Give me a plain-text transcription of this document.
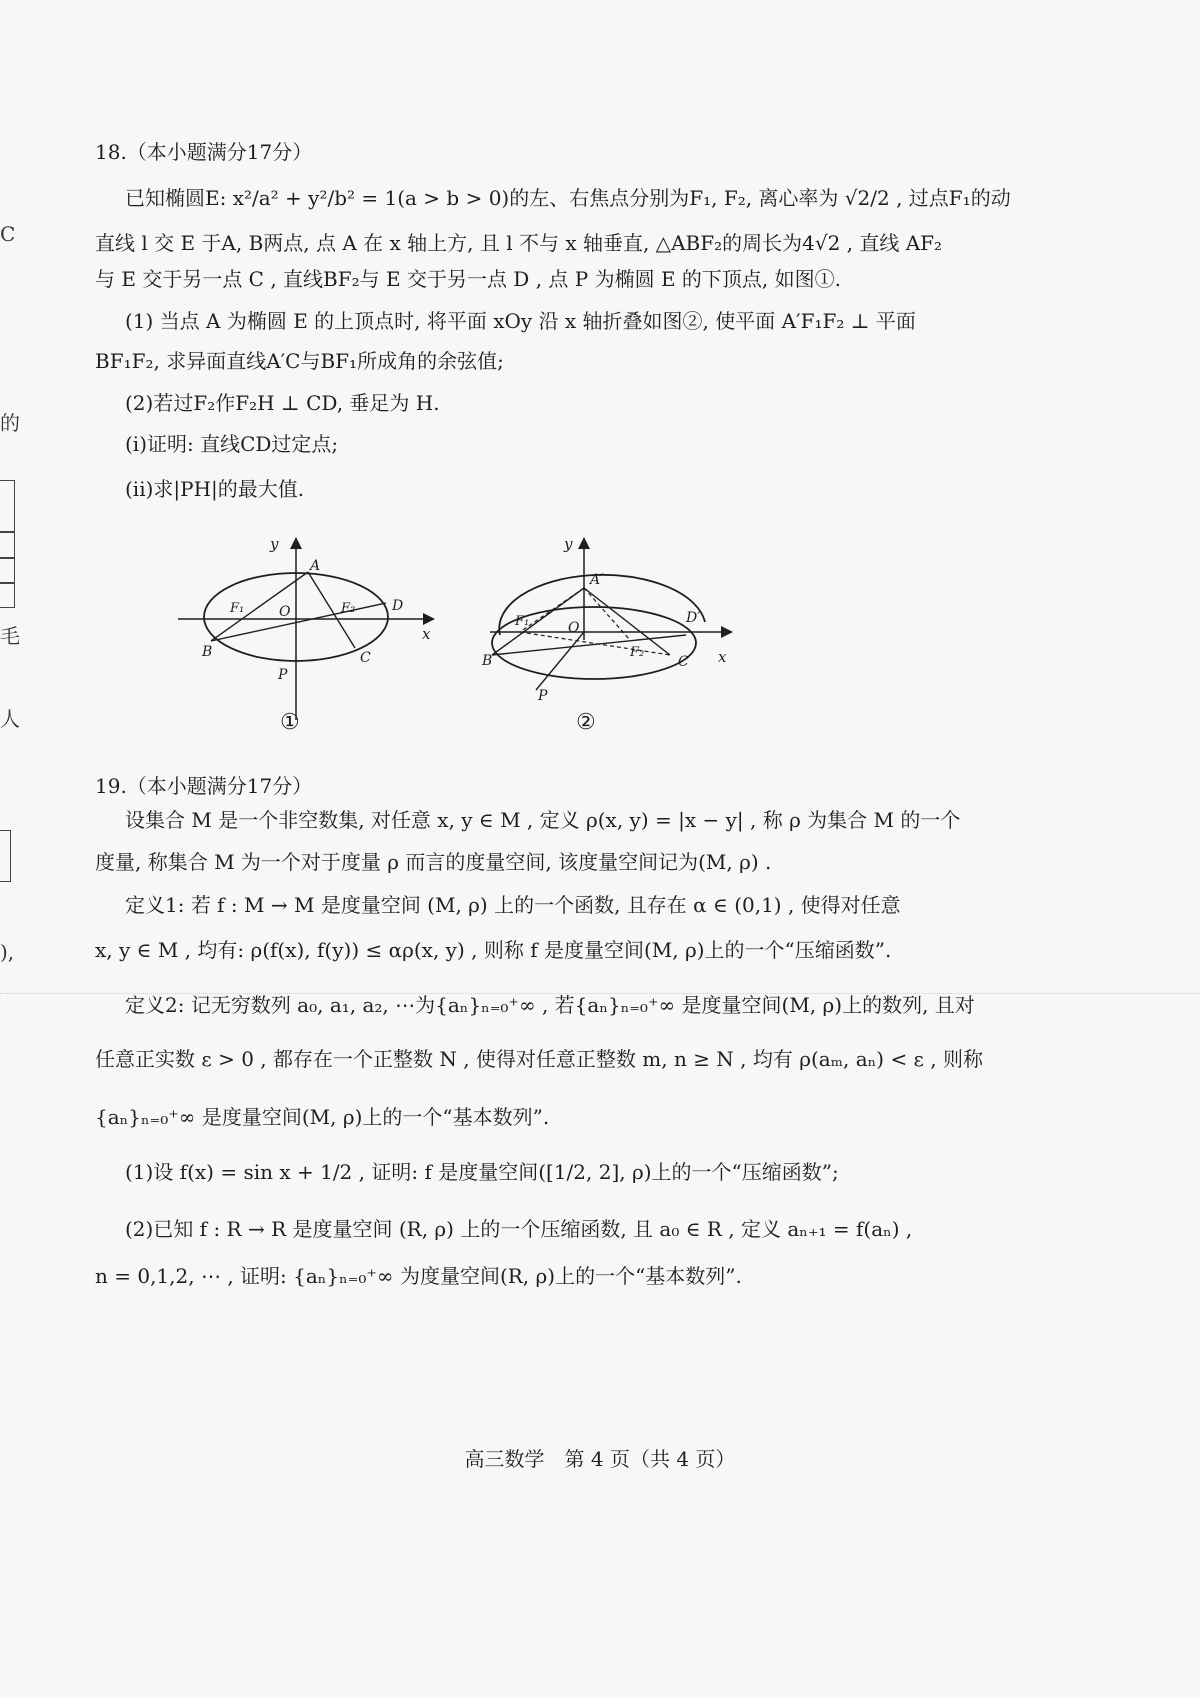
C
的
毛
人
),
18.（本小题满分17分）
已知椭圆E: x²/a² + y²/b² = 1(a > b > 0)的左、右焦点分别为F₁, F₂, 离心率为 √2/2 , 过点F₁的动
直线 l 交 E 于A, B两点, 点 A 在 x 轴上方, 且 l 不与 x 轴垂直, △ABF₂的周长为4√2 , 直线 AF₂
与 E 交于另一点 C , 直线BF₂与 E 交于另一点 D , 点 P 为椭圆 E 的下顶点, 如图①.
(1) 当点 A 为椭圆 E 的上顶点时, 将平面 xOy 沿 x 轴折叠如图②, 使平面 A′F₁F₂ ⊥ 平面
BF₁F₂, 求异面直线A′C与BF₁所成角的余弦值;
(2)若过F₂作F₂H ⊥ CD, 垂足为 H.
(i)证明: 直线CD过定点;
(ii)求|PH|的最大值.
A
B	C
D
O
P
F₁	F₂
x
y
①
A′
B	C
D′
O
P
F₁
F₂	x
y
②
19.（本小题满分17分）
设集合 M 是一个非空数集, 对任意 x, y ∈ M , 定义 ρ(x, y) = |x − y| , 称 ρ 为集合 M 的一个
度量, 称集合 M 为一个对于度量 ρ 而言的度量空间, 该度量空间记为(M, ρ) .
定义1: 若 f : M → M 是度量空间 (M, ρ) 上的一个函数, 且存在 α ∈ (0,1) , 使得对任意
x, y ∈ M , 均有: ρ(f(x), f(y)) ≤ αρ(x, y) , 则称 f 是度量空间(M, ρ)上的一个“压缩函数”.
定义2: 记无穷数列 a₀, a₁, a₂, ⋯为{aₙ}ₙ₌₀⁺∞ , 若{aₙ}ₙ₌₀⁺∞ 是度量空间(M, ρ)上的数列, 且对
任意正实数 ε > 0 , 都存在一个正整数 N , 使得对任意正整数 m, n ≥ N , 均有 ρ(aₘ, aₙ) < ε , 则称
{aₙ}ₙ₌₀⁺∞ 是度量空间(M, ρ)上的一个“基本数列”.
(1)设 f(x) = sin x + 1/2 , 证明: f 是度量空间([1/2, 2], ρ)上的一个“压缩函数”;
(2)已知 f : R → R 是度量空间 (R, ρ) 上的一个压缩函数, 且 a₀ ∈ R , 定义 aₙ₊₁ = f(aₙ) ,
n = 0,1,2, ⋯ , 证明: {aₙ}ₙ₌₀⁺∞ 为度量空间(R, ρ)上的一个“基本数列”.
高三数学　第 4 页（共 4 页）
